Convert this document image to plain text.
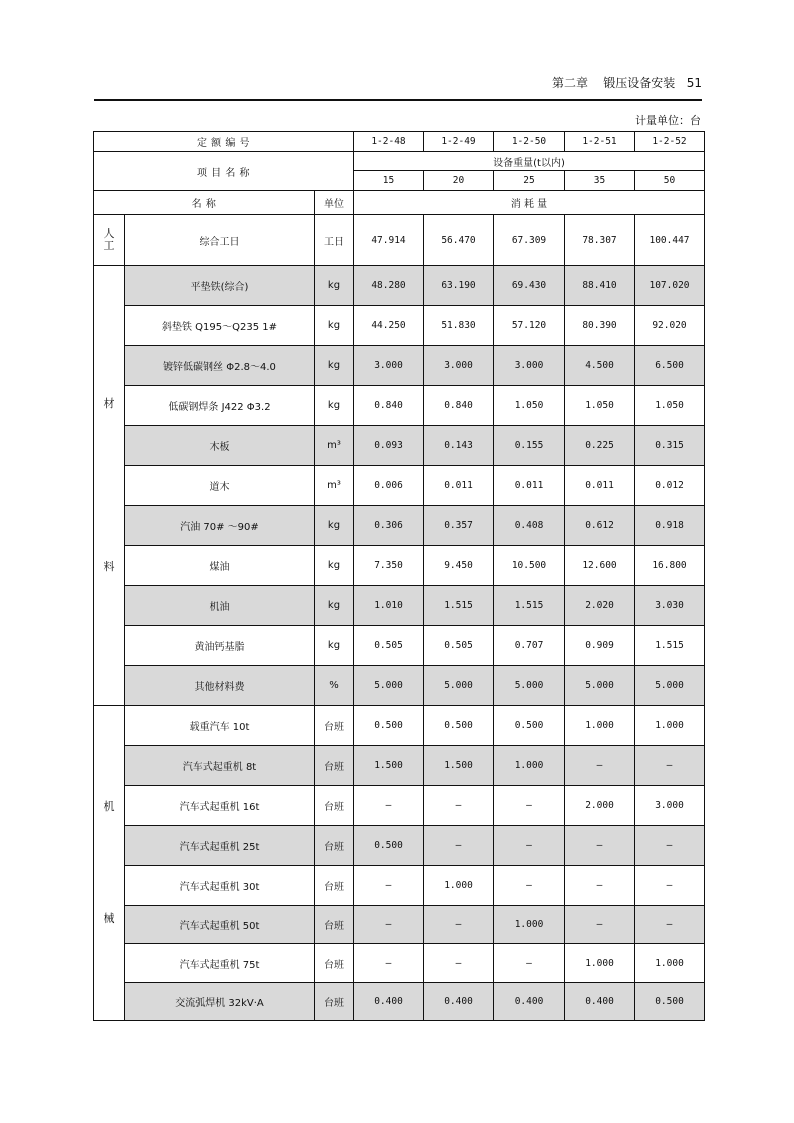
第二章    锻压设备安装   51
计量单位：台
定 额 编 号			1-2-48	1-2-49	1-2-50	1-2-51	1-2-52
项 目 名 称			设备重量(t以内)				
			15	20	25	35	50
名 称		单位	消 耗 量				

人
工	综合工日	工日	47.914	56.470	67.309	78.307	100.447

材
料	平垫铁(综合)	kg	48.280	63.190	69.430	88.410	107.020
	斜垫铁 Q195～Q235 1#	kg	44.250	51.830	57.120	80.390	92.020
	镀锌低碳钢丝 Φ2.8～4.0	kg	3.000	3.000	3.000	4.500	6.500
	低碳钢焊条 J422 Φ3.2	kg	0.840	0.840	1.050	1.050	1.050
	木板	m³	0.093	0.143	0.155	0.225	0.315
	道木	m³	0.006	0.011	0.011	0.011	0.012
	汽油 70# ～90#	kg	0.306	0.357	0.408	0.612	0.918
	煤油	kg	7.350	9.450	10.500	12.600	16.800
	机油	kg	1.010	1.515	1.515	2.020	3.030
	黄油钙基脂	kg	0.505	0.505	0.707	0.909	1.515
	其他材料费	%	5.000	5.000	5.000	5.000	5.000

机
械	载重汽车 10t	台班	0.500	0.500	0.500	1.000	1.000
	汽车式起重机 8t	台班	1.500	1.500	1.000	—	—
	汽车式起重机 16t	台班	—	—	—	2.000	3.000
	汽车式起重机 25t	台班	0.500	—	—	—	—
	汽车式起重机 30t	台班	—	1.000	—	—	—
	汽车式起重机 50t	台班	—	—	1.000	—	—
	汽车式起重机 75t	台班	—	—	—	1.000	1.000
	交流弧焊机 32kV·A	台班	0.400	0.400	0.400	0.400	0.500
